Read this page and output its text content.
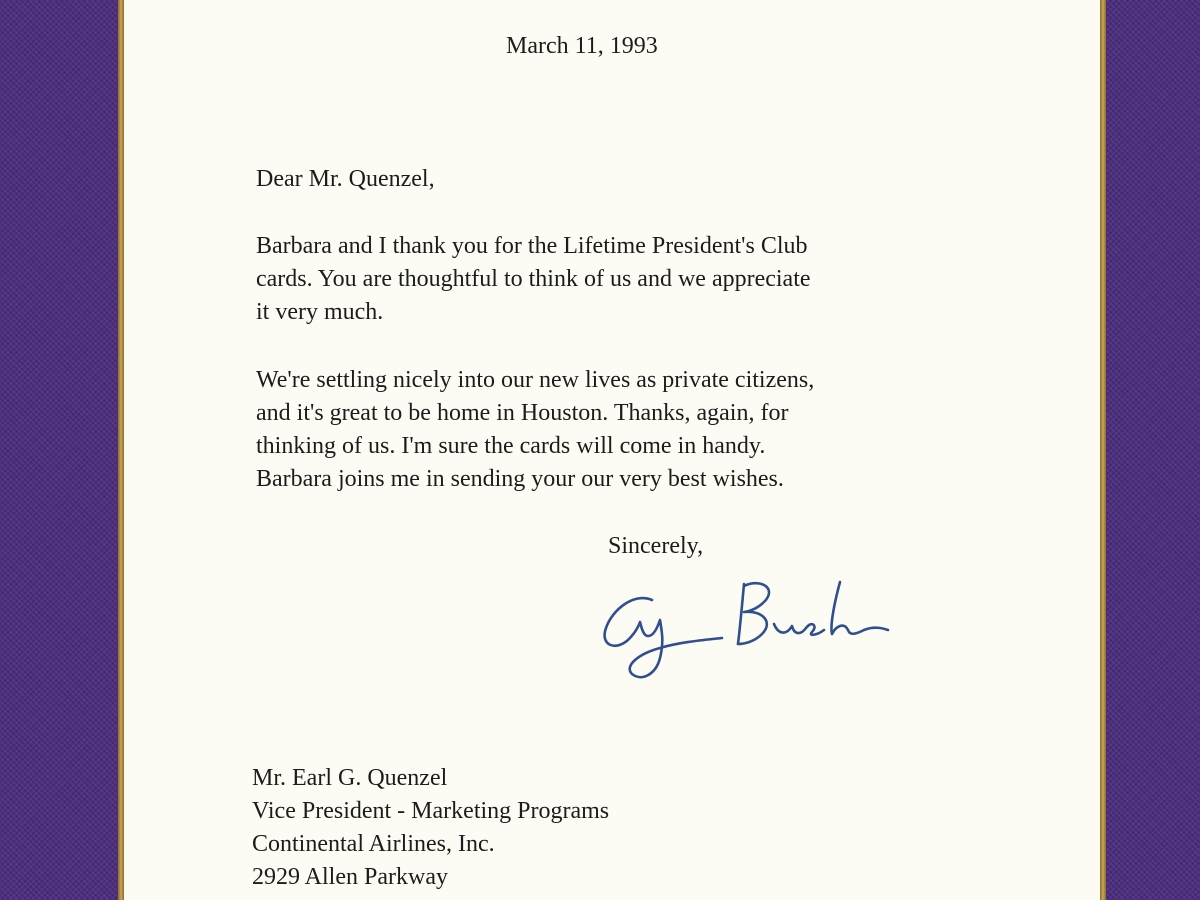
March 11, 1993

Dear Mr. Quenzel,

Barbara and I thank you for the Lifetime President's Club
cards. You are thoughtful to think of us and we appreciate
it very much.

We're settling nicely into our new lives as private citizens,
and it's great to be home in Houston. Thanks, again, for
thinking of us. I'm sure the cards will come in handy.
Barbara joins me in sending your our very best wishes.

Sincerely,

Mr. Earl G. Quenzel
Vice President - Marketing Programs
Continental Airlines, Inc.
2929 Allen Parkway
